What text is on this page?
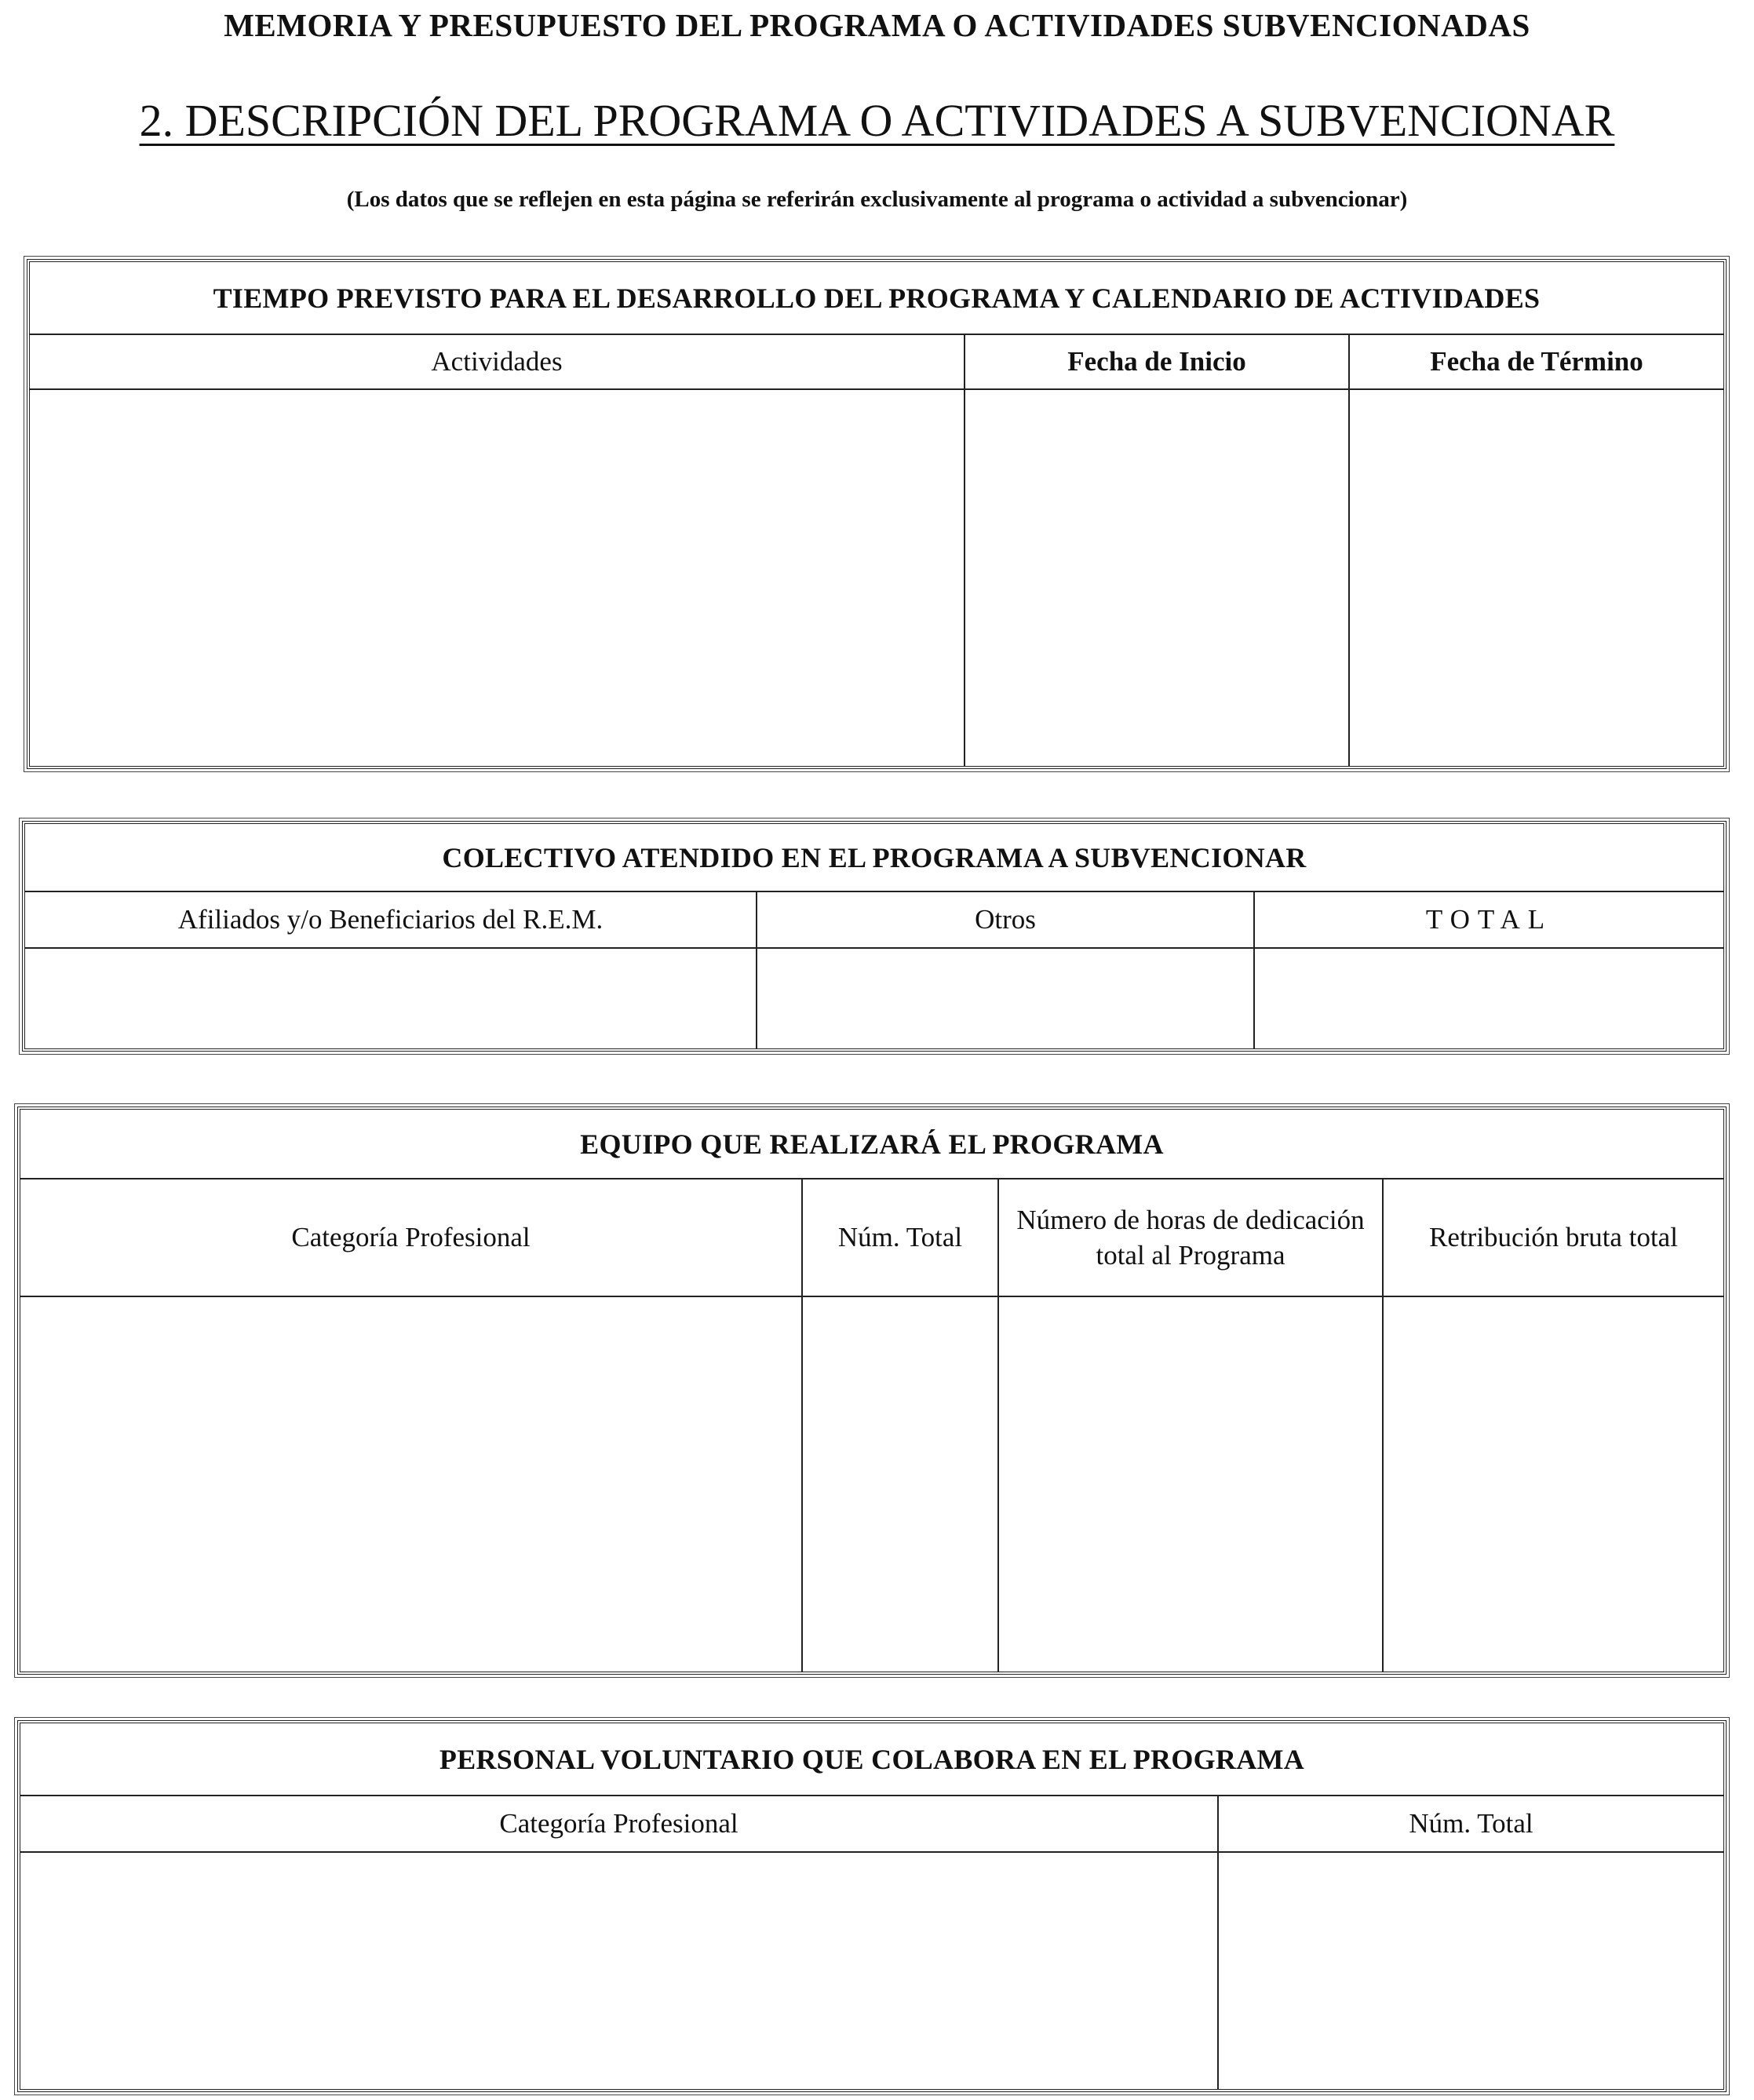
MEMORIA Y PRESUPUESTO DEL PROGRAMA O ACTIVIDADES SUBVENCIONADAS
2. DESCRIPCIÓN DEL PROGRAMA O ACTIVIDADES A SUBVENCIONAR
(Los datos que se reflejen en esta página se referirán exclusivamente al programa o actividad a subvencionar)
TIEMPO PREVISTO PARA EL DESARROLLO DEL PROGRAMA Y CALENDARIO DE ACTIVIDADES		
Actividades	Fecha de Inicio	Fecha de Término

COLECTIVO ATENDIDO EN EL PROGRAMA A SUBVENCIONAR		
Afiliados y/o Beneficiarios del R.E.M.	Otros	TOTAL

EQUIPO QUE REALIZARÁ EL PROGRAMA			
Categoría Profesional	Núm. Total	Número de horas de dedicación total al Programa	Retribución bruta total

PERSONAL VOLUNTARIO QUE COLABORA EN EL PROGRAMA	
Categoría Profesional	Núm. Total
